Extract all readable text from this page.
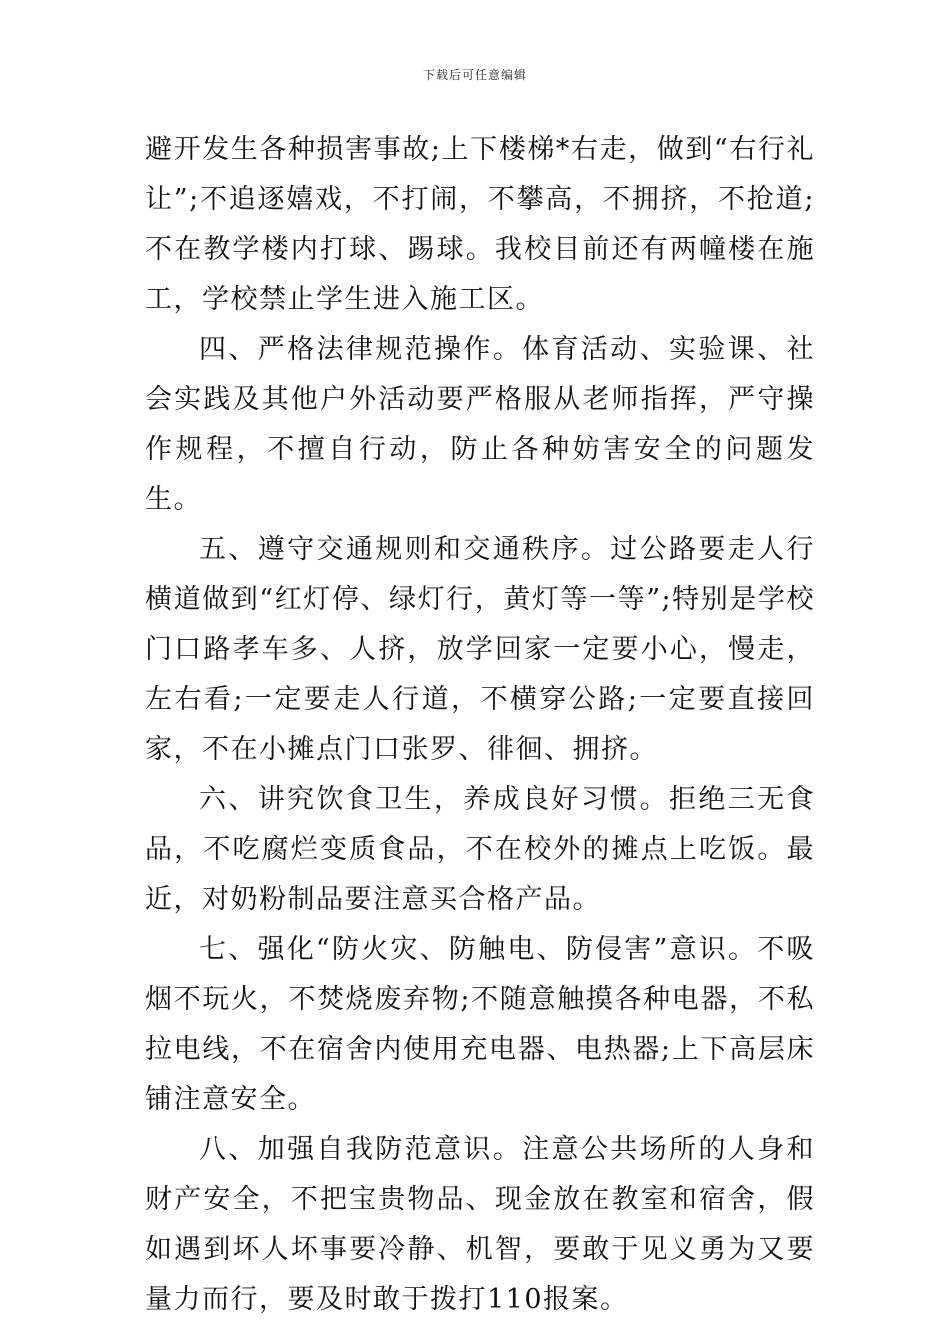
下载后可任意编辑

避开发生各种损害事故;上下楼梯*右走，做到“右行礼让”;不追逐嬉戏，不打闹，不攀高，不拥挤，不抢道;不在教学楼内打球、踢球。我校目前还有两幢楼在施工，学校禁止学生进入施工区。

四、严格法律规范操作。体育活动、实验课、社会实践及其他户外活动要严格服从老师指挥，严守操作规程，不擅自行动，防止各种妨害安全的问题发生。

五、遵守交通规则和交通秩序。过公路要走人行横道做到“红灯停、绿灯行，黄灯等一等”;特别是学校门口路孝车多、人挤，放学回家一定要小心，慢走，左右看;一定要走人行道，不横穿公路;一定要直接回家，不在小摊点门口张罗、徘徊、拥挤。

六、讲究饮食卫生，养成良好习惯。拒绝三无食品，不吃腐烂变质食品，不在校外的摊点上吃饭。最近，对奶粉制品要注意买合格产品。

七、强化“防火灾、防触电、防侵害”意识。不吸烟不玩火，不焚烧废弃物;不随意触摸各种电器，不私拉电线，不在宿舍内使用充电器、电热器;上下高层床铺注意安全。

八、加强自我防范意识。注意公共场所的人身和财产安全，不把宝贵物品、现金放在教室和宿舍，假如遇到坏人坏事要冷静、机智，要敢于见义勇为又要量力而行，要及时敢于拨打110报案。
